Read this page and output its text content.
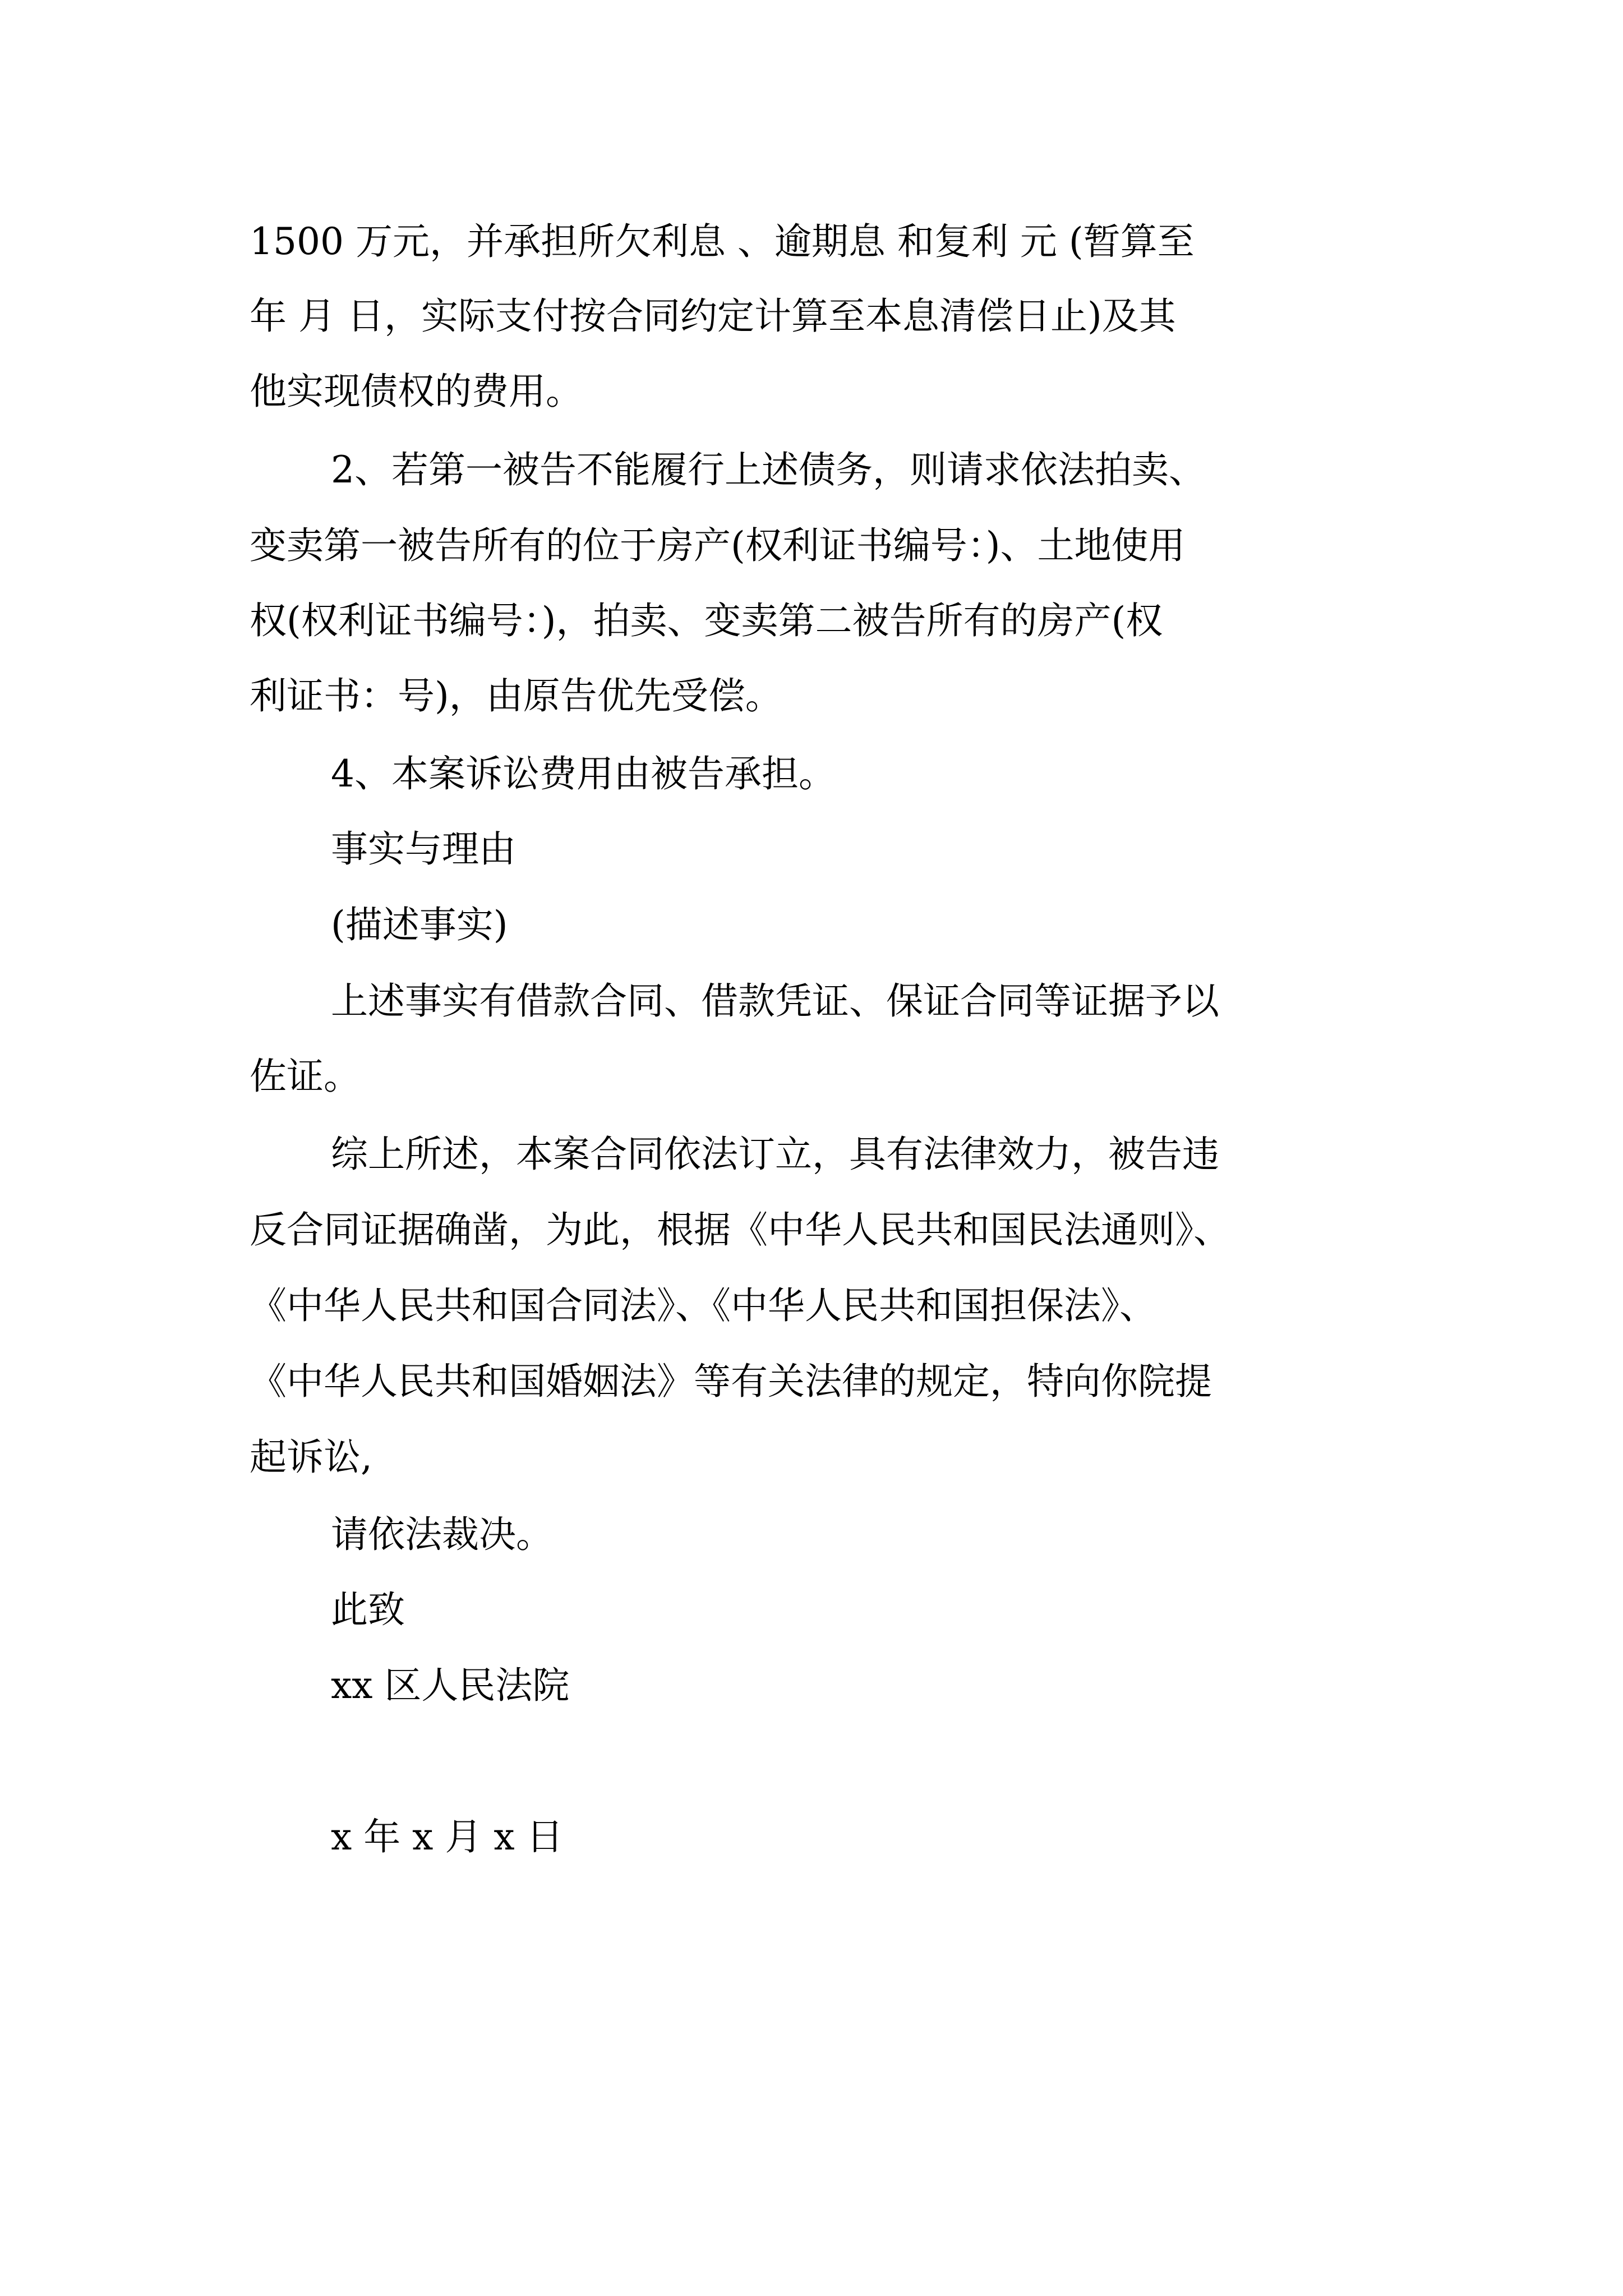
1500 万元，并承担所欠利息 、逾期息 和复利 元 (暂算至
年 月 日，实际支付按合同约定计算至本息清偿日止)及其
他实现债权的费用。
2、若第一被告不能履行上述债务，则请求依法拍卖、
变卖第一被告所有的位于房产(权利证书编号：)、土地使用
权(权利证书编号：)，拍卖、变卖第二被告所有的房产(权
利证书：号)，由原告优先受偿。
4、本案诉讼费用由被告承担。
事实与理由
(描述事实)
上述事实有借款合同、借款凭证、保证合同等证据予以
佐证。
综上所述，本案合同依法订立，具有法律效力，被告违
反合同证据确凿，为此，根据《中华人民共和国民法通则》、
《中华人民共和国合同法》、《中华人民共和国担保法》、
《中华人民共和国婚姻法》等有关法律的规定，特向你院提
起诉讼,
请依法裁决。
此致
xx 区人民法院
x 年 x 月 x 日
